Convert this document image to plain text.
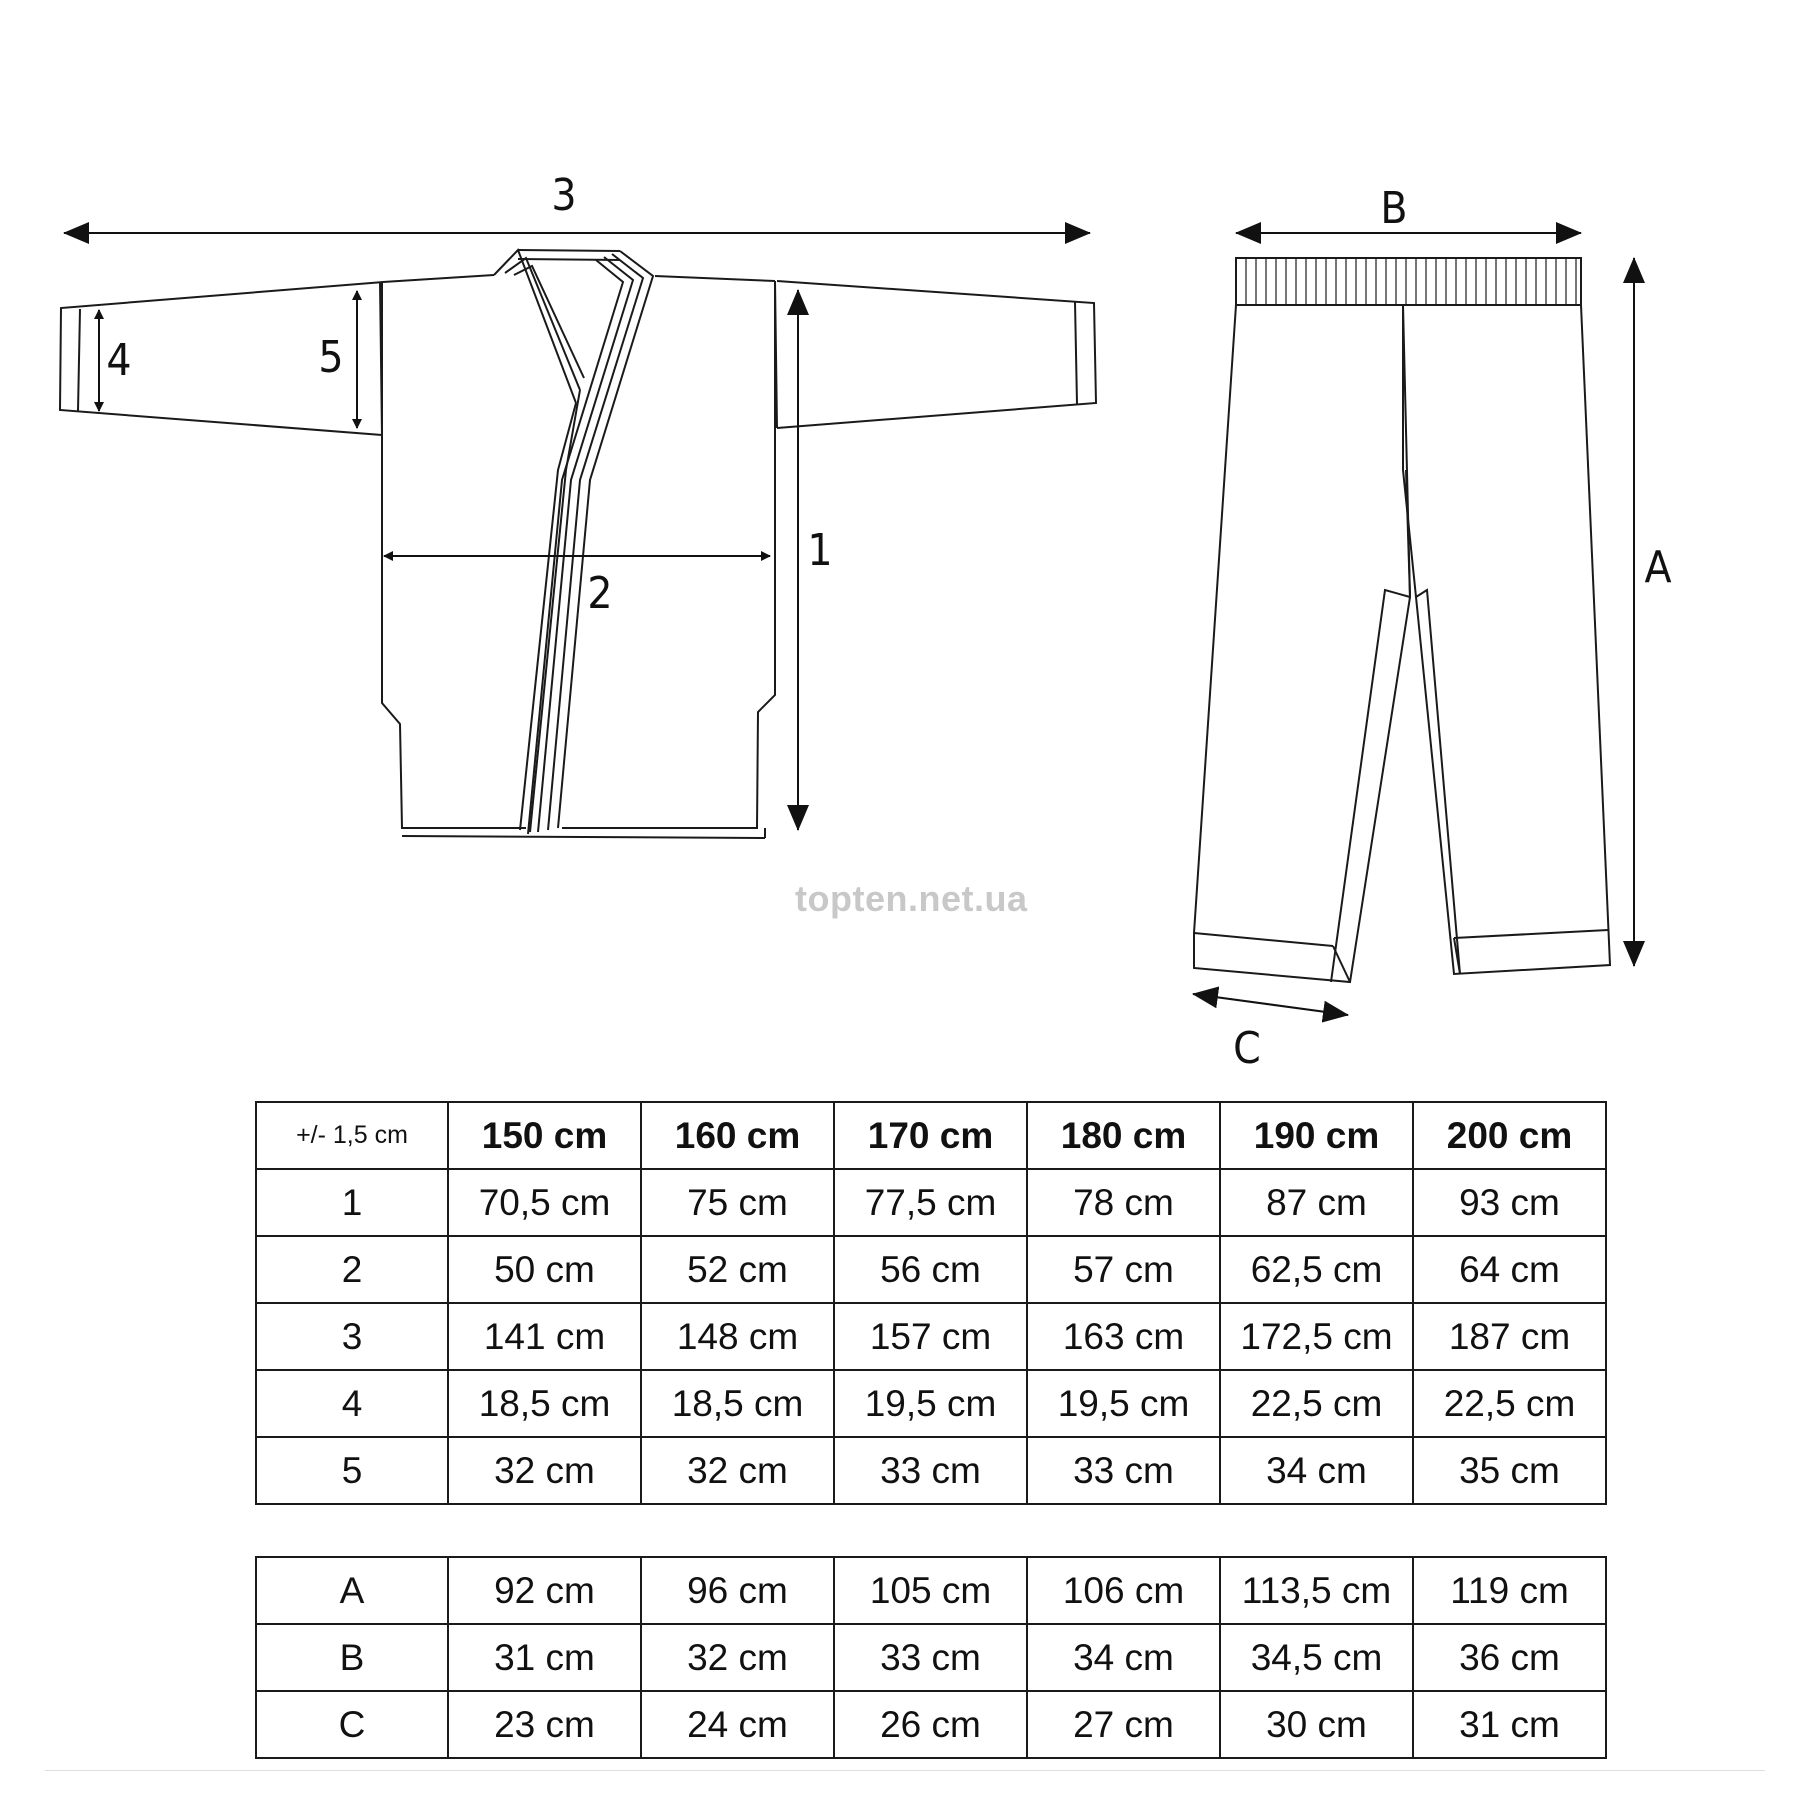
3
1
2
4	5
B
A
C
topten.net.ua
+/- 1,5 cm	150 cm	160 cm	170 cm	180 cm	190 cm	200 cm
1	70,5 cm	75 cm	77,5 cm	78 cm	87 cm	93 cm
2	50 cm	52 cm	56 cm	57 cm	62,5 cm	64 cm
3	141 cm	148 cm	157 cm	163 cm	172,5 cm	187 cm
4	18,5 cm	18,5 cm	19,5 cm	19,5 cm	22,5 cm	22,5 cm
5	32 cm	32 cm	33 cm	33 cm	34 cm	35 cm
A	92 cm	96 cm	105 cm	106 cm	113,5 cm	119 cm
B	31 cm	32 cm	33 cm	34 cm	34,5 cm	36 cm
C	23 cm	24 cm	26 cm	27 cm	30 cm	31 cm
